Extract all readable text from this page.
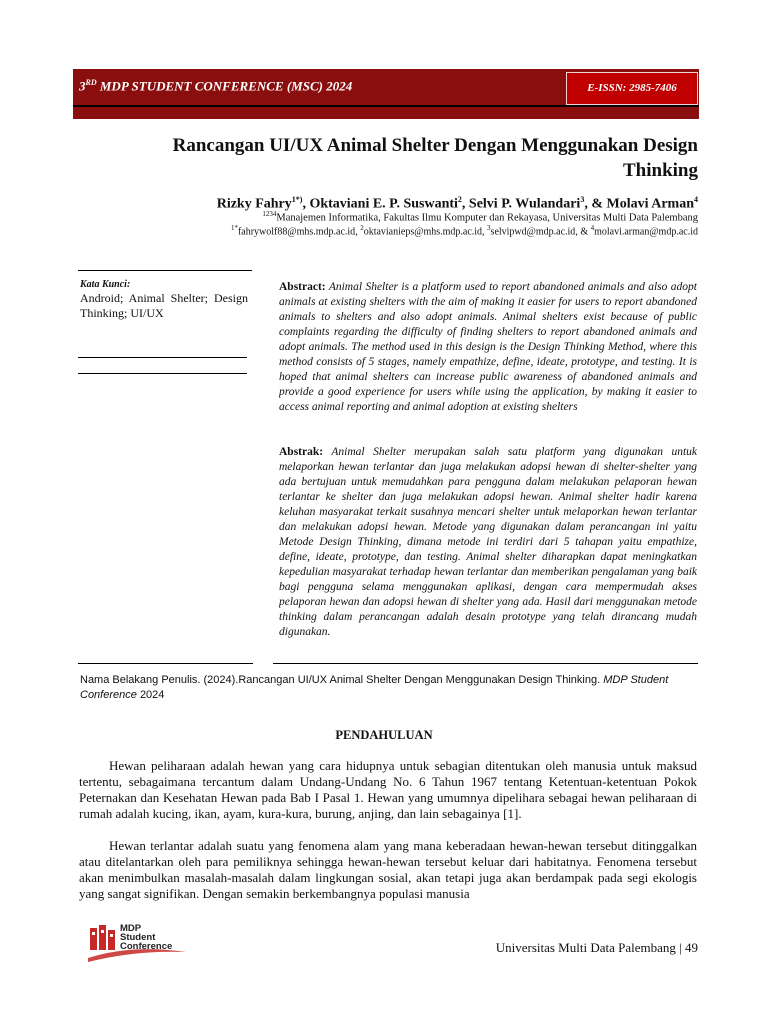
3RD MDP STUDENT CONFERENCE (MSC) 2024	E-ISSN: 2985-7406
Rancangan UI/UX Animal Shelter Dengan Menggunakan Design Thinking
Rizky Fahry$^{1*)}$, Oktaviani E. P. Suswanti$^2$, Selvi P. Wulandari$^3$, & Molavi Arman$^4$
$^{1234}$Manajemen Informatika, Fakultas Ilmu Komputer dan Rekayasa, Universitas Multi Data Palembang
$^{1*}$fahrywolf88@mhs.mdp.ac.id, $^2$oktavianieps@mhs.mdp.ac.id, $^3$selvipwd@mdp.ac.id, & $^4$molavi.arman@mdp.ac.id
Kata Kunci:
Android; Animal Shelter; Design Thinking; UI/UX
Abstract: Animal Shelter is a platform used to report abandoned animals and also adopt animals at existing shelters with the aim of making it easier for users to report abandoned animals to shelters and also adopt animals. Animal shelters exist because of public complaints regarding the difficulty of finding shelters to report abandoned animals and adopt animals. The method used in this design is the Design Thinking Method, where this method consists of 5 stages, namely empathize, define, ideate, prototype, and testing. It is hoped that animal shelters can increase public awareness of abandoned animals and provide a good experience for users while using the application, by making it easier to access animal reporting and animal adoption at existing shelters
Abstrak: Animal Shelter merupakan salah satu platform yang digunakan untuk melaporkan hewan terlantar dan juga melakukan adopsi hewan di shelter-shelter yang ada bertujuan untuk memudahkan para pengguna dalam melakukan pelaporan hewan terlantar ke shelter dan juga melakukan adopsi hewan. Animal shelter hadir karena keluhan masyarakat terkait susahnya mencari shelter untuk melaporkan hewan terlantar dan melakukan adopsi hewan. Metode yang digunakan dalam perancangan ini yaitu Metode Design Thinking, dimana metode ini terdiri dari 5 tahapan yaitu empathize, define, ideate, prototype, dan testing. Animal shelter diharapkan dapat meningkatkan kepedulian masyarakat terhadap hewan terlantar dan memberikan pengalaman yang baik bagi pengguna selama menggunakan aplikasi, dengan cara mempermudah akses pelaporan hewan dan adopsi hewan di shelter yang ada. Hasil dari menggunakan metode thinking dalam perancangan adalah desain prototype yang telah dirancang mudah digunakan.
Nama Belakang Penulis. (2024).Rancangan UI/UX Animal Shelter Dengan Menggunakan Design Thinking. MDP Student Conference 2024
PENDAHULUAN
Hewan peliharaan adalah hewan yang cara hidupnya untuk sebagian ditentukan oleh manusia untuk maksud tertentu, sebagaimana tercantum dalam Undang-Undang No. 6 Tahun 1967 tentang Ketentuan-ketentuan Pokok Peternakan dan Kesehatan Hewan pada Bab I Pasal 1. Hewan yang umumnya dipelihara sebagai hewan peliharaan di rumah adalah kucing, ikan, ayam, kura-kura, burung, anjing, dan lain sebagainya [1].
Hewan terlantar adalah suatu yang fenomena alam yang mana keberadaan hewan-hewan tersebut ditinggalkan atau ditelantarkan oleh para pemiliknya sehingga hewan-hewan tersebut keluar dari habitatnya. Fenomena tersebut akan menimbulkan masalah-masalah dalam lingkungan sosial, akan tetapi juga akan berdampak pada segi ekologis yang sangat signifikan. Dengan semakin berkembangnya populasi manusia
MDP
Student
Conference	Universitas Multi Data Palembang | 49
